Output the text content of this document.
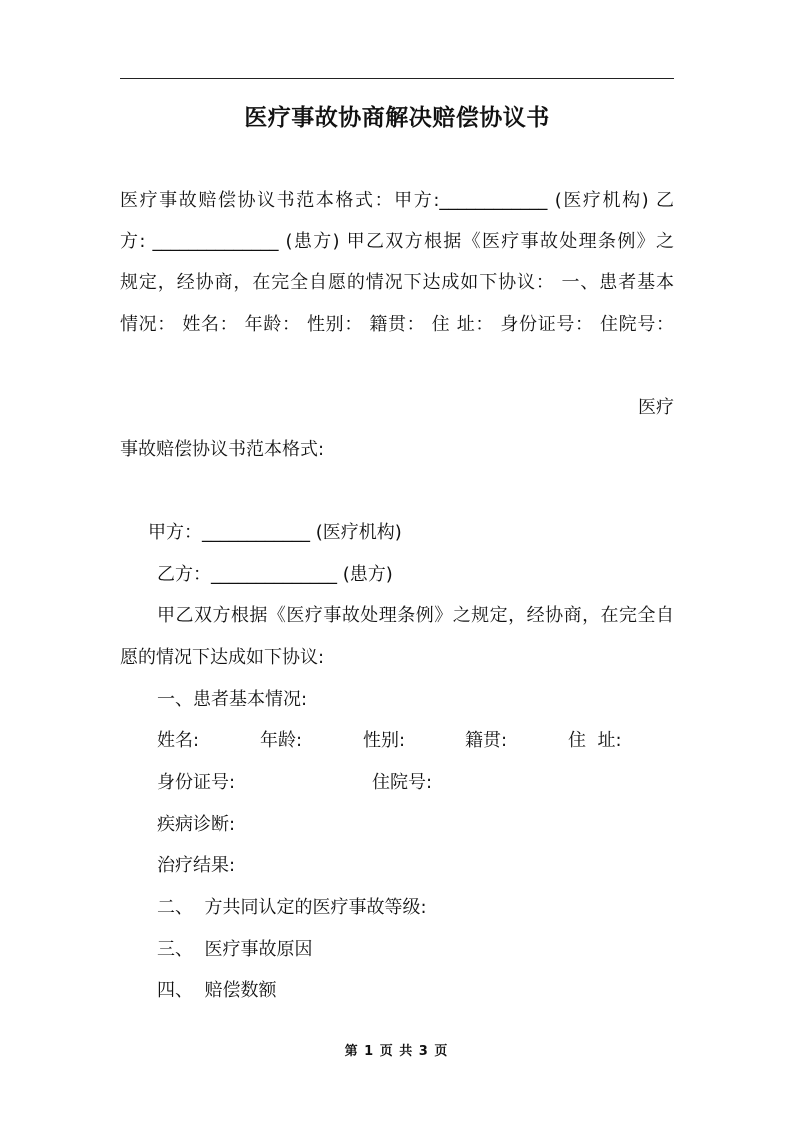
医疗事故协商解决赔偿协议书
医疗事故赔偿协议书范本格式：甲方:____________ (医疗机构) 乙
方: ______________ (患方) 甲乙双方根据《医疗事故处理条例》之
规定，经协商，在完全自愿的情况下达成如下协议： 一、患者基本
情况： 姓名： 年龄： 性别： 籍贯： 住 址： 身份证号： 住院号：
医疗
事故赔偿协议书范本格式:
甲方：____________ (医疗机构)
乙方：______________ (患方)
甲乙双方根据《医疗事故处理条例》之规定，经协商，在完全自
愿的情况下达成如下协议:
一、患者基本情况:
姓名:	年龄:	性别:	籍贯:	住  址:
身份证号:	住院号:
疾病诊断:
治疗结果:
二、  方共同认定的医疗事故等级:
三、  医疗事故原因
四、  赔偿数额
第 1 页 共 3 页
